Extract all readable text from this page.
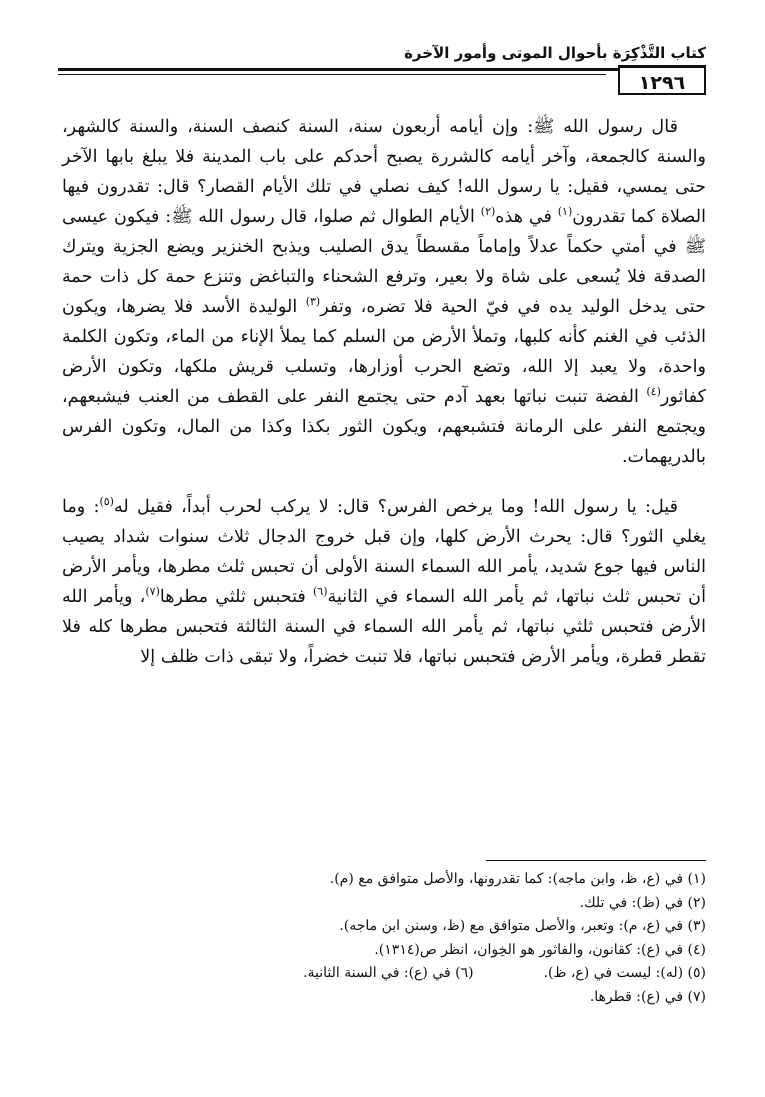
كتاب التَّذْكِرَة بأحوال الموتى وأمور الآخرة
١٢٩٦

قال رسول الله ﷺ: وإن أيامه أربعون سنة، السنة كنصف السنة، والسنة كالشهر، والسنة كالجمعة، وآخر أيامه كالشررة يصبح أحدكم على باب المدينة فلا يبلغ بابها الآخر حتى يمسي، فقيل: يا رسول الله! كيف نصلي في تلك الأيام القصار؟ قال: تقدرون فيها الصلاة كما تقدرون$^{(١)}$ في هذه$^{(٢)}$ الأيام الطوال ثم صلوا، قال رسول الله ﷺ: فيكون عيسى ﷺ في أمتي حكماً عدلاً وإماماً مقسطاً يدق الصليب ويذبح الخنزير ويضع الجزية ويترك الصدقة فلا يُسعى على شاة ولا بعير، وترفع الشحناء والتباغض وتنزع حمة كل ذات حمة حتى يدخل الوليد يده في فيّ الحية فلا تضره، وتفر$^{(٣)}$ الوليدة الأسد فلا يضرها، ويكون الذئب في الغنم كأنه كلبها، وتملأ الأرض من السلم كما يملأ الإناء من الماء، وتكون الكلمة واحدة، ولا يعبد إلا الله، وتضع الحرب أوزارها، وتسلب قريش ملكها، وتكون الأرض كفاثور$^{(٤)}$ الفضة تنبت نباتها بعهد آدم حتى يجتمع النفر على القطف من العنب فيشبعهم، ويجتمع النفر على الرمانة فتشبعهم، ويكون الثور بكذا وكذا من المال، وتكون الفرس بالدريهمات.

قيل: يا رسول الله! وما يرخص الفرس؟ قال: لا يركب لحرب أبداً، فقيل له$^{(٥)}$: وما يغلي الثور؟ قال: يحرث الأرض كلها، وإن قبل خروج الدجال ثلاث سنوات شداد يصيب الناس فيها جوع شديد، يأمر الله السماء السنة الأولى أن تحبس ثلث مطرها، ويأمر الأرض أن تحبس ثلث نباتها، ثم يأمر الله السماء في الثانية$^{(٦)}$ فتحبس ثلثي مطرها$^{(٧)}$، ويأمر الله الأرض فتحبس ثلثي نباتها، ثم يأمر الله السماء في السنة الثالثة فتحبس مطرها كله فلا تقطر قطرة، ويأمر الأرض فتحبس نباتها، فلا تنبت خضراً، ولا تبقى ذات ظلف إلا

(١) في (ع، ظ، وابن ماجه): كما تقدرونها، والأصل متوافق مع (م).
(٢) في (ظ): في تلك.
(٣) في (ع، م): وتعبر، والأصل متوافق مع (ظ، وسنن ابن ماجه).
(٤) في (ع): كقانون، والفاثور هو الخِوان، انظر ص(١٣١٤).
(٥) (له): ليست في (ع، ظ).
(٦) في (ع): في السنة الثانية.
(٧) في (ع): قطرها.
